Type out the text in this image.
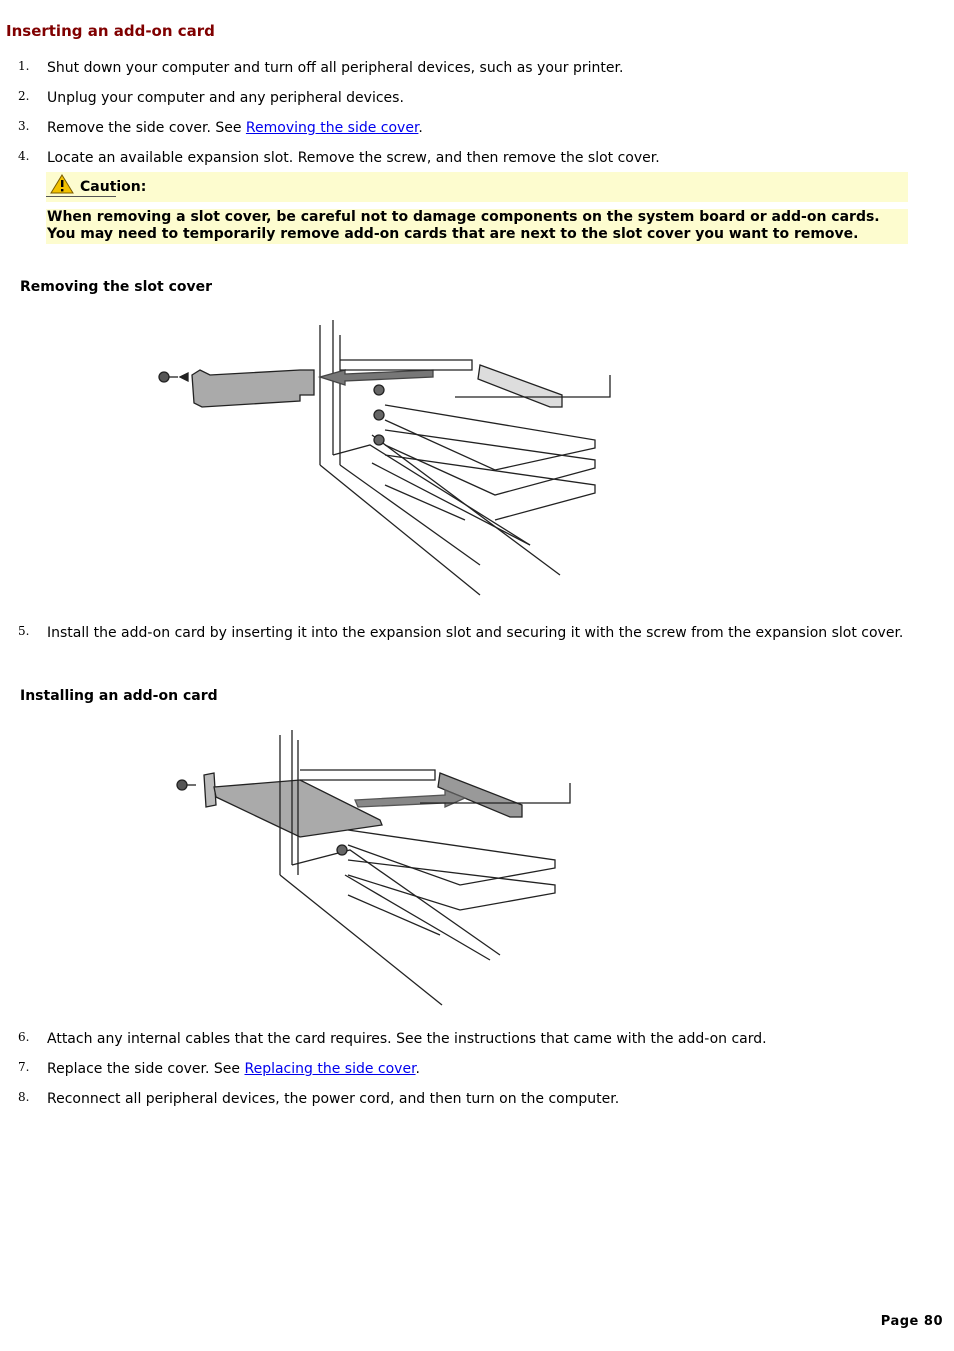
Inserting an add-on card
1.	Shut down your computer and turn off all peripheral devices, such as your printer.
2.	Unplug your computer and any peripheral devices.
3.	Remove the side cover. See Removing the side cover.
4.	Locate an available expansion slot. Remove the screw, and then remove the slot cover.
Caution:
When removing a slot cover, be careful not to damage components on the system board or add-on cards.
You may need to temporarily remove add-on cards that are next to the slot cover you want to remove.
Removing the slot cover
5.	Install the add-on card by inserting it into the expansion slot and securing it with the screw from the expansion slot cover.
Installing an add-on card
6.	Attach any internal cables that the card requires. See the instructions that came with the add-on card.
7.	Replace the side cover. See Replacing the side cover.
8.	Reconnect all peripheral devices, the power cord, and then turn on the computer.
Page 80
